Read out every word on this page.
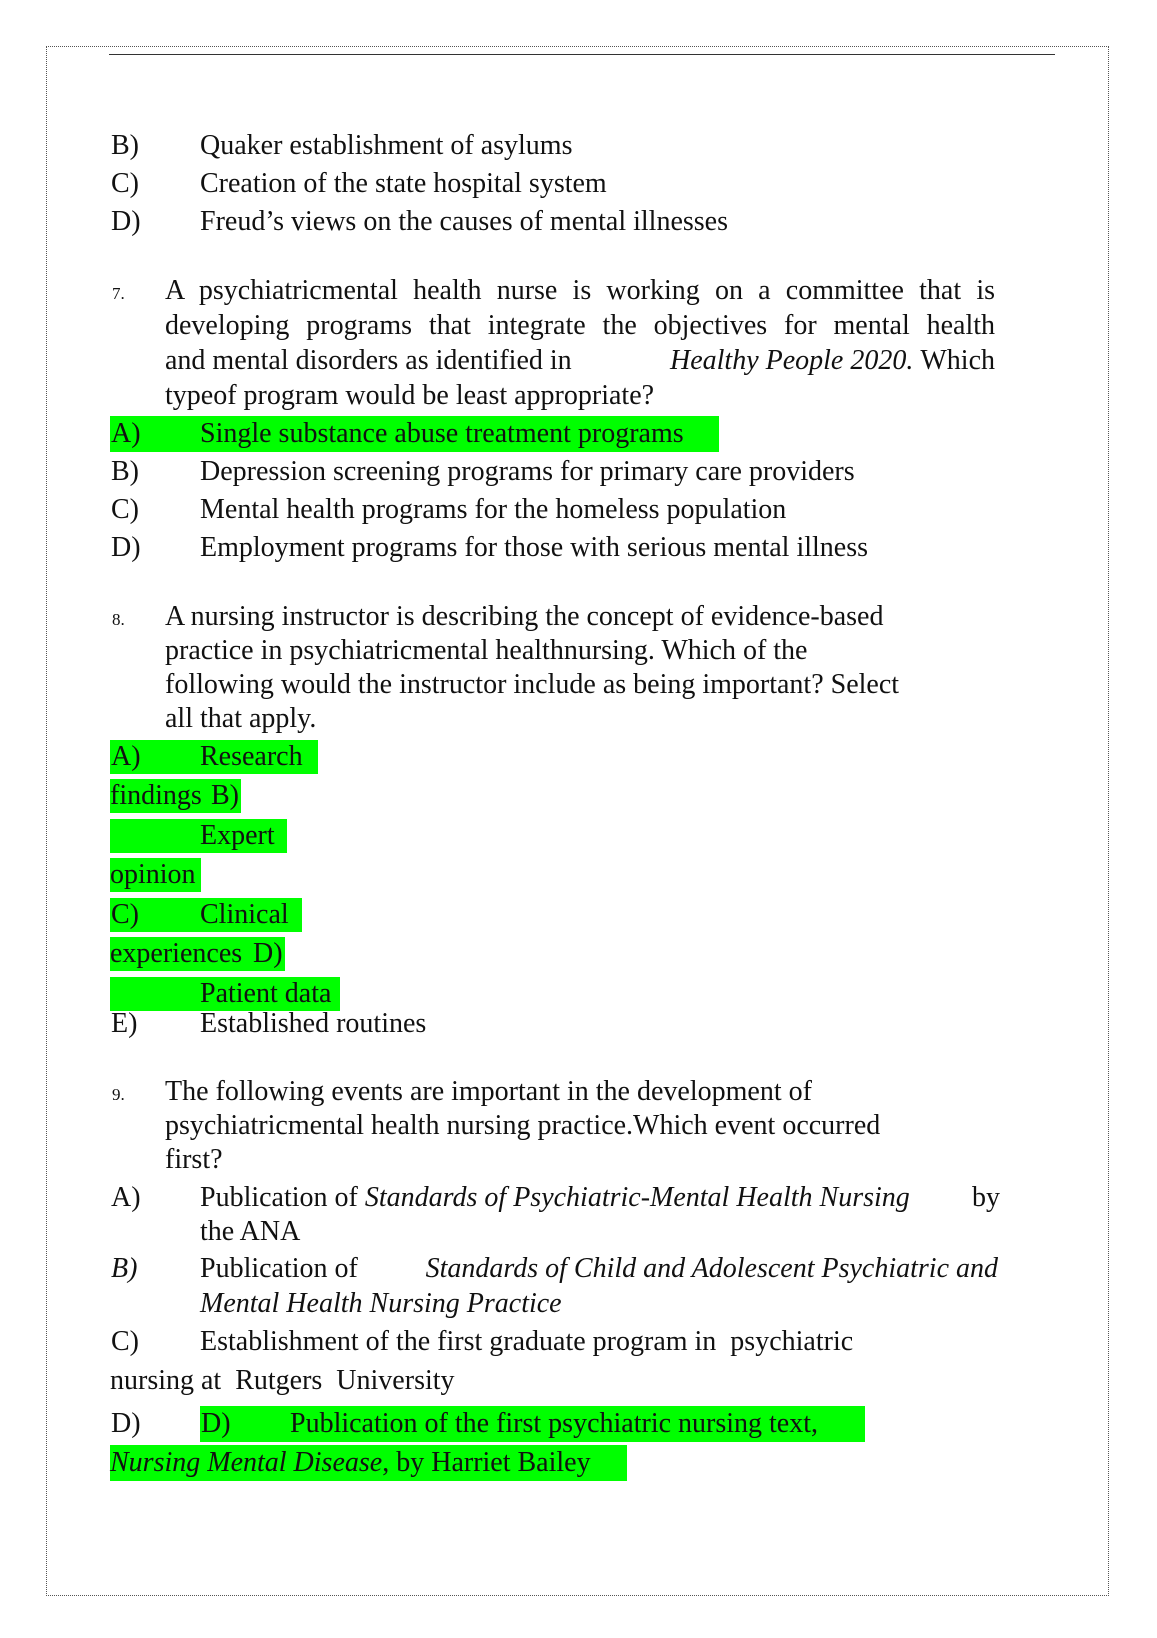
B) Quaker establishment of asylums
C) Creation of the state hospital system
D) Freud’s views on the causes of mental illnesses
7. A psychiatricmental health nurse is working on a committee that is
developing programs that integrate the objectives for mental health
and mental disorders as identified in	Healthy People 2020. Which
typeof program would be least appropriate?
A) Single substance abuse treatment programs
B) Depression screening programs for primary care providers
C) Mental health programs for the homeless population
D) Employment programs for those with serious mental illness
8. A nursing instructor is describing the concept of evidence-based
practice in psychiatricmental healthnursing. Which of the
following would the instructor include as being important? Select
all that apply.
A) Research
findings B)
Expert
opinion
C) Clinical
experiences D)
Patient data
E) Established routines
9. The following events are important in the development of
psychiatricmental health nursing practice.Which event occurred
first?
A) Publication of Standards of Psychiatric-Mental Health Nursing by
the ANA
B) Publication of Standards of Child and Adolescent Psychiatric and
Mental Health Nursing Practice
C) Establishment of the first graduate program in  psychiatric
nursing at  Rutgers  University
D) D) Publication of the first psychiatric nursing text,
Nursing Mental Disease, by Harriet Bailey
